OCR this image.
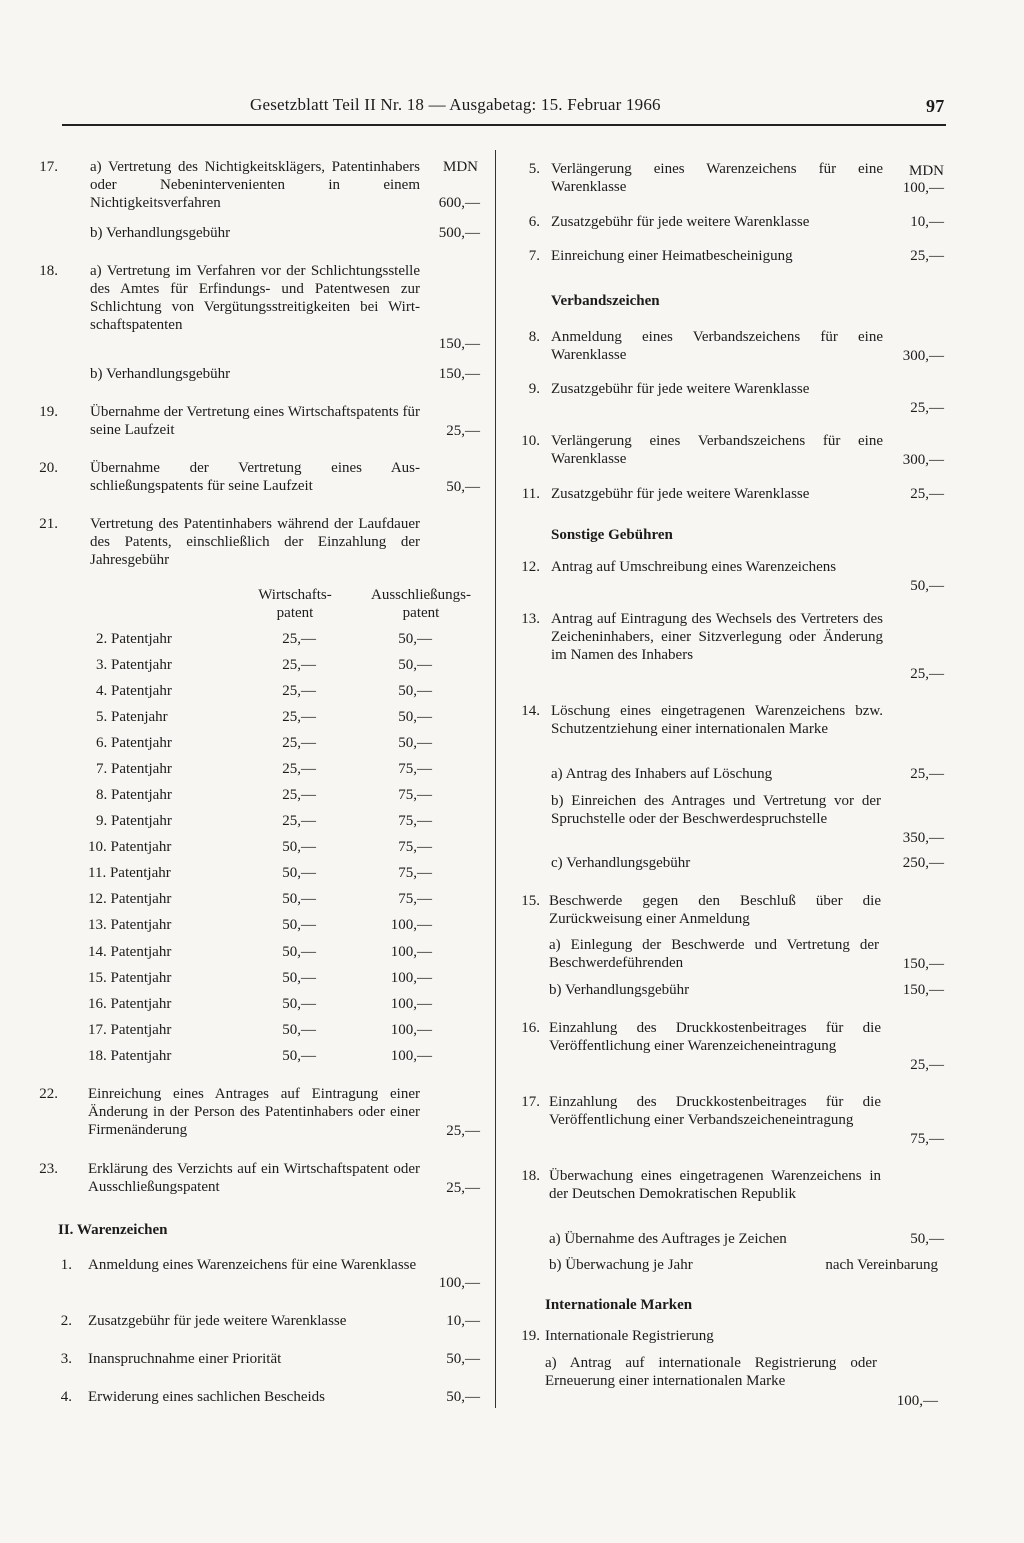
Gesetzblatt Teil II Nr. 18 — Ausgabetag: 15. Februar 1966	97
17. a) Vertretung des Nichtigkeitsklägers, Patentinhabers oder Nebenintervenienten in einem Nichtigkeitsverfahren
MDN
600,—
b) Verhandlungsgebühr	500,—
18. a) Vertretung im Verfahren vor der Schlichtungsstelle des Amtes für Erfindungs- und Patentwesen zur Schlichtung von Vergütungsstreitigkeiten bei Wirtschaftspatenten
150,—
b) Verhandlungsgebühr	150,—
19. Übernahme der Vertretung eines Wirtschaftspatents für seine Laufzeit	25,—
20. Übernahme der Vertretung eines Ausschließungspatents für seine Laufzeit	50,—
21. Vertretung des Patentinhabers während der Laufdauer des Patents, einschließlich der Einzahlung der Jahresgebühr
Wirtschafts-
patent
Ausschließungs-
patent
2. Patentjahr	25,—	50,—
3. Patentjahr	25,—	50,—
4. Patentjahr	25,—	50,—
5. Patenjahr	25,—	50,—
6. Patentjahr	25,—	50,—
7. Patentjahr	25,—	75,—
8. Patentjahr	25,—	75,—
9. Patentjahr	25,—	75,—
10. Patentjahr	50,—	75,—
11. Patentjahr	50,—	75,—
12. Patentjahr	50,—	75,—
13. Patentjahr	50,—	100,—
14. Patentjahr	50,—	100,—
15. Patentjahr	50,—	100,—
16. Patentjahr	50,—	100,—
17. Patentjahr	50,—	100,—
18. Patentjahr	50,—	100,—
22. Einreichung eines Antrages auf Eintragung einer Änderung in der Person des Patentinhabers oder einer Firmenänderung	25,—
23. Erklärung des Verzichts auf ein Wirtschaftspatent oder Ausschließungspatent	25,—
II. Warenzeichen
1. Anmeldung eines Warenzeichens für eine Warenklasse
100,—
2. Zusatzgebühr für jede weitere Warenklasse	10,—
3. Inanspruchnahme einer Priorität	50,—
4. Erwiderung eines sachlichen Bescheids	50,—
MDN
5. Verlängerung eines Warenzeichens für eine Warenklasse	100,—
6. Zusatzgebühr für jede weitere Warenklasse	10,—
7. Einreichung einer Heimatbescheinigung	25,—
Verbandszeichen
8. Anmeldung eines Verbandszeichens für eine Warenklasse	300,—
9. Zusatzgebühr für jede weitere Warenklasse
25,—
10. Verlängerung eines Verbandszeichens für eine Warenklasse	300,—
11. Zusatzgebühr für jede weitere Warenklasse	25,—
Sonstige Gebühren
12. Antrag auf Umschreibung eines Warenzeichens
50,—
13. Antrag auf Eintragung des Wechsels des Vertreters des Zeicheninhabers, einer Sitzverlegung oder Änderung im Namen des Inhabers
25,—
14. Löschung eines eingetragenen Warenzeichens bzw. Schutzentziehung einer internationalen Marke
a) Antrag des Inhabers auf Löschung	25,—
b) Einreichen des Antrages und Vertretung vor der Spruchstelle oder der Beschwerdespruchstelle
350,—
c) Verhandlungsgebühr	250,—
15. Beschwerde gegen den Beschluß über die Zurückweisung einer Anmeldung
a) Einlegung der Beschwerde und Vertretung der Beschwerdeführenden	150,—
b) Verhandlungsgebühr	150,—
16. Einzahlung des Druckkostenbeitrages für die Veröffentlichung einer Warenzeicheneintragung
25,—
17. Einzahlung des Druckkostenbeitrages für die Veröffentlichung einer Verbandszeicheneintragung
75,—
18. Überwachung eines eingetragenen Warenzeichens in der Deutschen Demokratischen Republik
a) Übernahme des Auftrages je Zeichen	50,—
b) Überwachung je Jahr	nach Vereinbarung
Internationale Marken
19. Internationale Registrierung
a) Antrag auf internationale Registrierung oder Erneuerung einer internationalen Marke
100,—
